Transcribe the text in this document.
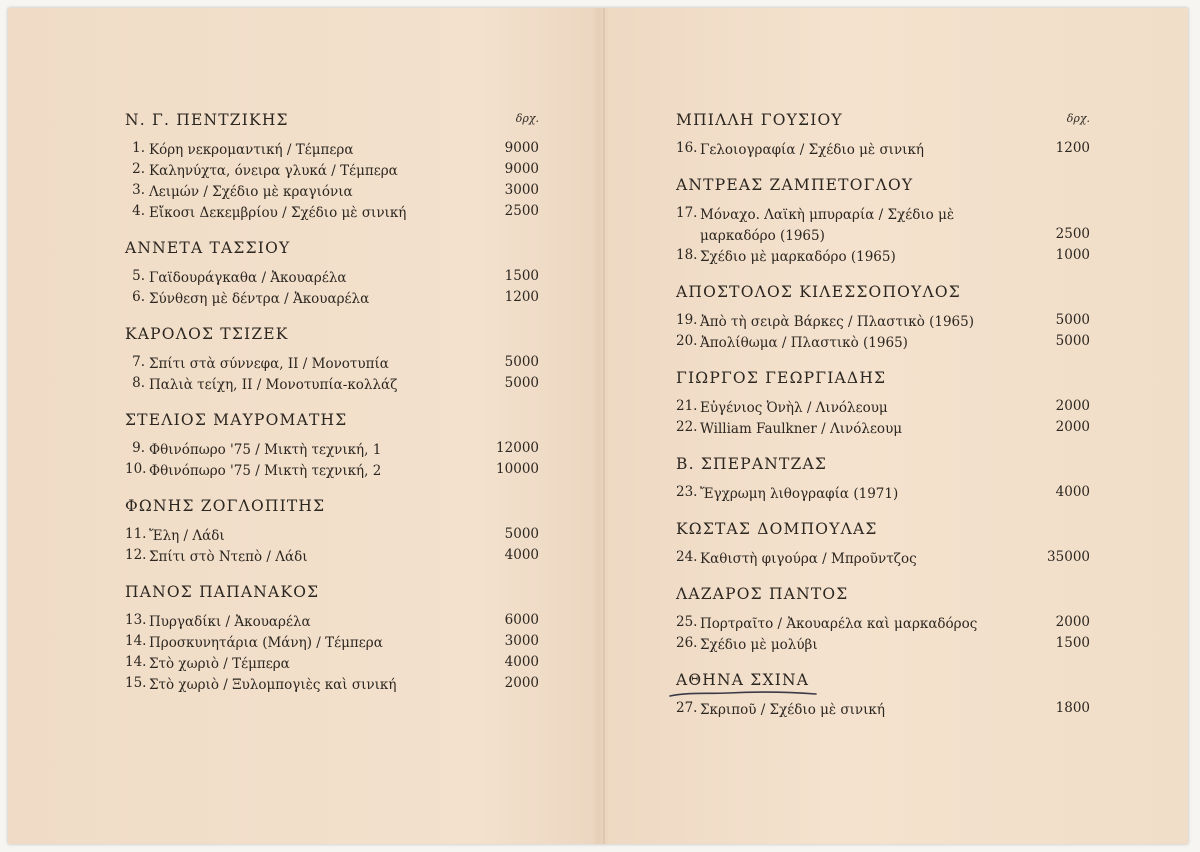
Ν. Γ. ΠΕΝΤΖΙΚΗΣ	δρχ.
1. Κόρη νεκρομαντική / Τέμπερα	9000
2. Καληνύχτα, όνειρα γλυκά / Τέμπερα	9000
3. Λειμών / Σχέδιο μὲ κραγιόνια	3000
4. Εἴκοσι Δεκεμβρίου / Σχέδιο μὲ σινική	2500
ΑΝΝΕΤΑ ΤΑΣΣΙΟΥ
5. Γαϊδουράγκαθα / Ἀκουαρέλα	1500
6. Σύνθεση μὲ δέντρα / Ἀκουαρέλα	1200
ΚΑΡΟΛΟΣ ΤΣΙΖΕΚ
7. Σπίτι στὰ σύννεφα, ΙΙ / Μονοτυπία	5000
8. Παλιὰ τείχη, ΙΙ / Μονοτυπία-κολλάζ	5000
ΣΤΕΛΙΟΣ ΜΑΥΡΟΜΑΤΗΣ
9. Φθινόπωρο '75 / Μικτὴ τεχνική, 1	12000
10. Φθινόπωρο '75 / Μικτὴ τεχνική, 2	10000
ΦΩΝΗΣ ΖΟΓΛΟΠΙΤΗΣ
11. Ἔλη / Λάδι	5000
12. Σπίτι στὸ Ντεπὸ / Λάδι	4000
ΠΑΝΟΣ ΠΑΠΑΝΑΚΟΣ
13. Πυργαδίκι / Ἀκουαρέλα	6000
14. Προσκυνητάρια (Μάνη) / Τέμπερα	3000
14. Στὸ χωριὸ / Τέμπερα	4000
15. Στὸ χωριὸ / Ξυλομπογιὲς καὶ σινική	2000
ΜΠΙΛΛΗ ΓΟΥΣΙΟΥ	δρχ.
16. Γελοιογραφία / Σχέδιο μὲ σινική	1200
ΑΝΤΡΕΑΣ ΖΑΜΠΕΤΟΓΛΟΥ
17. Μόναχο. Λαϊκὴ μπυραρία / Σχέδιο μὲ μαρκαδόρο (1965)	2500
18. Σχέδιο μὲ μαρκαδόρο (1965)	1000
ΑΠΟΣΤΟΛΟΣ ΚΙΛΕΣΣΟΠΟΥΛΟΣ
19. Ἀπὸ τὴ σειρὰ Βάρκες / Πλαστικὸ (1965)	5000
20. Ἀπολίθωμα / Πλαστικὸ (1965)	5000
ΓΙΩΡΓΟΣ ΓΕΩΡΓΙΑΔΗΣ
21. Εὐγένιος Ὀνὴλ / Λινόλεουμ	2000
22. William Faulkner / Λινόλεουμ	2000
Β. ΣΠΕΡΑΝΤΖΑΣ
23. Ἔγχρωμη λιθογραφία (1971)	4000
ΚΩΣΤΑΣ ΔΟΜΠΟΥΛΑΣ
24. Καθιστὴ φιγούρα / Μπροῦντζος	35000
ΛΑΖΑΡΟΣ ΠΑΝΤΟΣ
25. Πορτραῖτο / Ἀκουαρέλα καὶ μαρκαδόρος	2000
26. Σχέδιο μὲ μολύβι	1500
ΑΘΗΝΑ ΣΧΙΝΑ
27. Σκριποῦ / Σχέδιο μὲ σινική	1800
